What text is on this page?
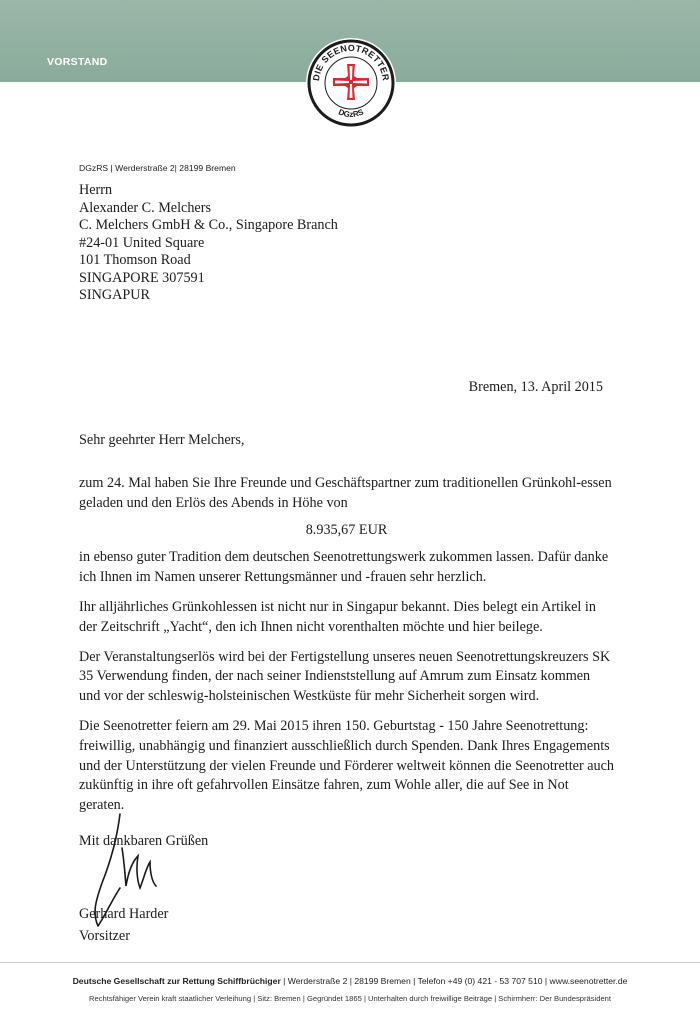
VORSTAND
DIE SEENOTRETTER
DGzRS
DGzRS | Werderstraße 2| 28199 Bremen
Herrn
Alexander C. Melchers
C. Melchers GmbH & Co., Singapore Branch
#24-01 United Square
101 Thomson Road
SINGAPORE 307591
SINGAPUR
Bremen, 13. April 2015
Sehr geehrter Herr Melchers,

zum 24. Mal haben Sie Ihre Freunde und Geschäftspartner zum traditionellen Grünkohl-essen geladen und den Erlös des Abends in Höhe von

8.935,67 EUR

in ebenso guter Tradition dem deutschen Seenotrettungswerk zukommen lassen. Dafür danke ich Ihnen im Namen unserer Rettungsmänner und -frauen sehr herzlich.

Ihr alljährliches Grünkohlessen ist nicht nur in Singapur bekannt. Dies belegt ein Artikel in der Zeitschrift „Yacht“, den ich Ihnen nicht vorenthalten möchte und hier beilege.

Der Veranstaltungserlös wird bei der Fertigstellung unseres neuen Seenotrettungskreuzers SK 35 Verwendung finden, der nach seiner Indienststellung auf Amrum zum Einsatz kommen und vor der schleswig-holsteinischen Westküste für mehr Sicherheit sorgen wird.

Die Seenotretter feiern am 29. Mai 2015 ihren 150. Geburtstag - 150 Jahre Seenotrettung: freiwillig, unabhängig und finanziert ausschließlich durch Spenden. Dank Ihres Engagements und der Unterstützung der vielen Freunde und Förderer weltweit können die Seenotretter auch zukünftig in ihre oft gefahrvollen Einsätze fahren, zum Wohle aller, die auf See in Not geraten.

Mit dankbaren Grüßen
Gerhard Harder
Vorsitzer
Deutsche Gesellschaft zur Rettung Schiffbrüchiger | Werderstraße 2 | 28199 Bremen | Telefon +49 (0) 421 - 53 707 510 | www.seenotretter.de
Rechtsfähiger Verein kraft staatlicher Verleihung | Sitz: Bremen | Gegründet 1865 | Unterhalten durch freiwillige Beiträge | Schirmherr: Der Bundespräsident
